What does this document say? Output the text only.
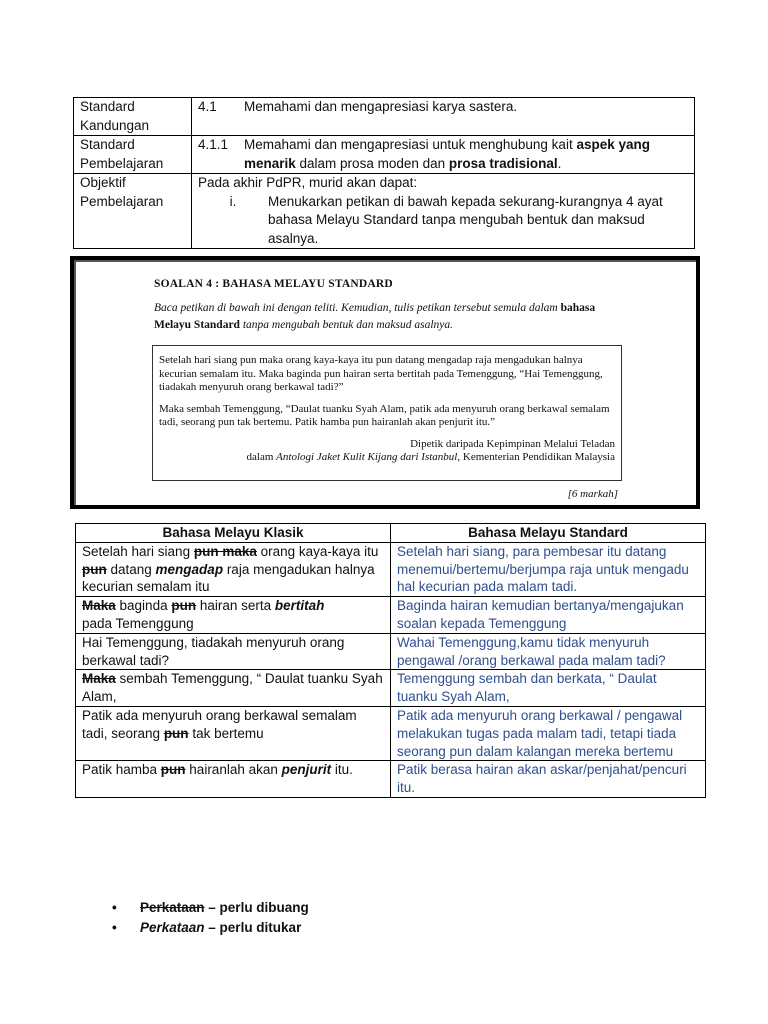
Standard Kandungan	4.1 Memahami dan mengapresiasi karya sastera.

Standard Pembelajaran	4.1.1 Memahami dan mengapresiasi untuk menghubung kait aspek yang menarik dalam prosa moden dan prosa tradisional.

Objektif Pembelajaran	Pada akhir PdPR, murid akan dapat:
i. Menukarkan petikan di bawah kepada sekurang-kurangnya 4 ayat bahasa Melayu Standard tanpa mengubah bentuk dan maksud asalnya.
SOALAN 4 : BAHASA MELAYU STANDARD
Baca petikan di bawah ini dengan teliti. Kemudian, tulis petikan tersebut semula dalam bahasa Melayu Standard tanpa mengubah bentuk dan maksud asalnya.

Setelah hari siang pun maka orang kaya-kaya itu pun datang mengadap raja mengadukan halnya kecurian semalam itu. Maka baginda pun hairan serta bertitah pada Temenggung, “Hai Temenggung, tiadakah menyuruh orang berkawal tadi?”

Maka sembah Temenggung, “Daulat tuanku Syah Alam, patik ada menyuruh orang berkawal semalam tadi, seorang pun tak bertemu. Patik hamba pun hairanlah akan penjurit itu.”

Dipetik daripada Kepimpinan Melalui Teladan
dalam Antologi Jaket Kulit Kijang dari Istanbul, Kementerian Pendidikan Malaysia
[6 markah]
Bahasa Melayu Klasik	Bahasa Melayu Standard
Setelah hari siang pun maka orang kaya-kaya itu pun datang mengadap raja mengadukan halnya kecurian semalam itu	Setelah hari siang, para pembesar itu datang menemui/bertemu/berjumpa raja untuk mengadu hal kecurian pada malam tadi.
Maka baginda pun hairan serta bertitah
pada Temenggung	Baginda hairan kemudian bertanya/mengajukan soalan kepada Temenggung
Hai Temenggung, tiadakah menyuruh orang berkawal tadi?	Wahai Temenggung,kamu tidak menyuruh pengawal /orang berkawal pada malam tadi?
Maka sembah Temenggung, “ Daulat tuanku Syah Alam,	Temenggung sembah dan berkata, “ Daulat tuanku Syah Alam,
Patik ada menyuruh orang berkawal semalam tadi, seorang pun tak bertemu	Patik ada menyuruh orang berkawal / pengawal melakukan tugas pada malam tadi, tetapi tiada seorang pun dalam kalangan mereka bertemu
Patik hamba pun hairanlah akan penjurit itu.	Patik berasa hairan akan askar/penjahat/pencuri itu.
•	Perkataan – perlu dibuang
•	Perkataan – perlu ditukar
